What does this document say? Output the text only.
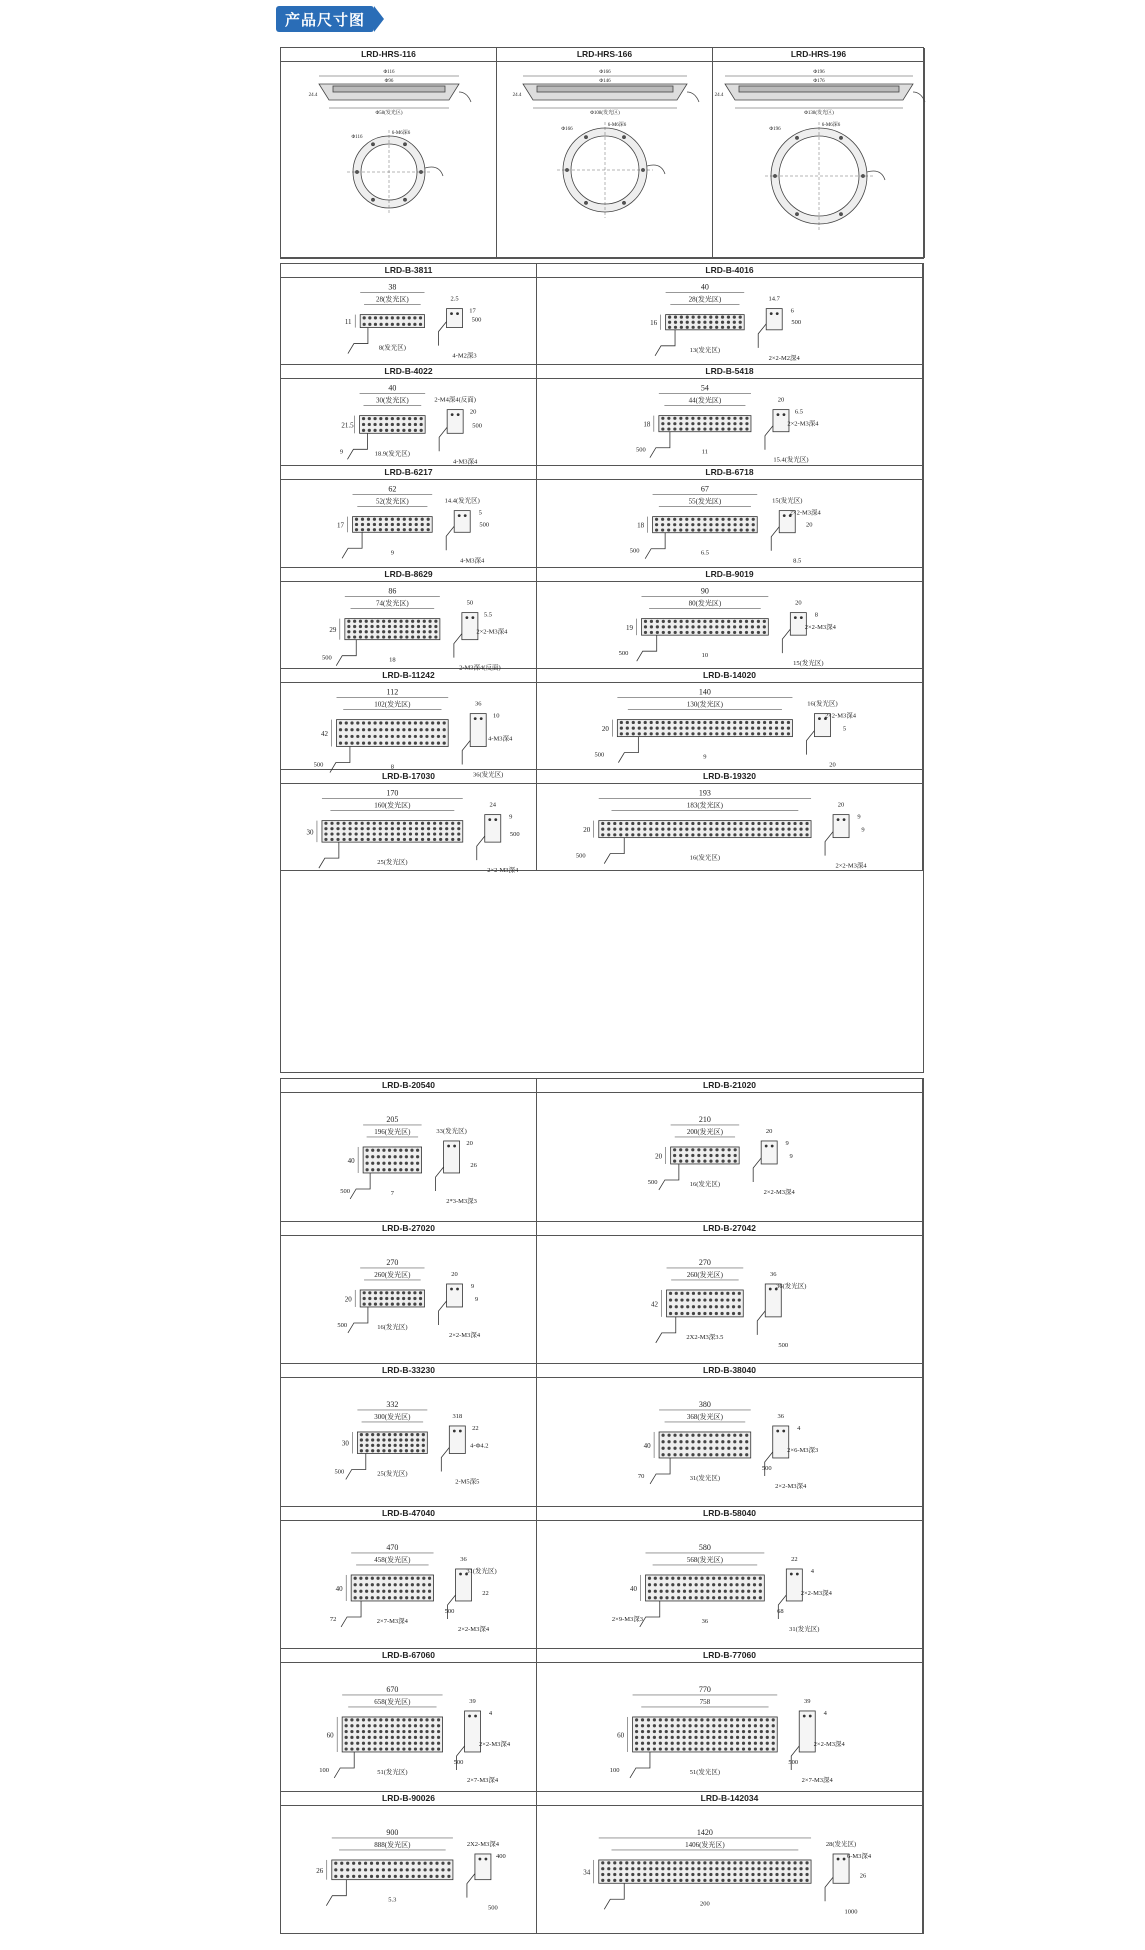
产品尺寸图
LRD-HRS-116
Φ116
Φ96
Φ58(发光区)
24.4
Φ116
6-M6深6
LRD-HRS-166
Φ166
Φ146
Φ108(发光区)
24.4
Φ166
6-M6深6
LRD-HRS-196
Φ196
Φ176
Φ138(发光区)
24.4
Φ196
6-M6深6
LRD-B-3811
38
28(发光区)
11
2.5
17
8(发光区)
4-M2深3
500
LRD-B-4016
40
28(发光区)
16
14.7
6
13(发光区)
2×2-M2深4
500
LRD-B-4022
40
30(发光区)
21.5
2-M4深4(反面)
20
18.9(发光区)
4-M3深4
500
9
LRD-B-5418
54
44(发光区)
18
20
6.5
11
15.4(发光区)
2×2-M3深4
500
LRD-B-6217
62
52(发光区)
17
14.4(发光区)
5
9
4-M3深4
500
LRD-B-6718
67
55(发光区)
18
15(发光区)
2×2-M3深4
6.5
8.5
20
500
LRD-B-8629
86
74(发光区)
29
50
5.5
18
2-M3深4(反面)
2×2-M3深4
500
LRD-B-9019
90
80(发光区)
19
20
8
10
15(发光区)
2×2-M3深4
500
LRD-B-11242
112
102(发光区)
42
36
10
8
36(发光区)
4-M3深4
500
LRD-B-14020
140
130(发光区)
20
16(发光区)
2×2-M3深4
9
20
5
500
LRD-B-17030
170
160(发光区)
30
24
9
25(发光区)
2×2-M3深4
500
LRD-B-19320
193
183(发光区)
20
20
9
16(发光区)
2×2-M3深4
9
500
LRD-B-20540
205
196(发光区)
40
33(发光区)
20
7
2*3-M3深3
26
500
LRD-B-21020
210
200(发光区)
20
20
9
16(发光区)
2×2-M3深4
9
500
LRD-B-27020
270
260(发光区)
20
20
9
16(发光区)
2×2-M3深4
9
500
LRD-B-27042
270
260(发光区)
42
36
36(发光区)
2X2-M3深3.5
500
LRD-B-33230
332
300(发光区)
30
318
22
25(发光区)
2-M5深5
4-Φ4.2
500
LRD-B-38040
380
368(发光区)
40
36
4
31(发光区)
2×2-M3深4
2×6-M3深3
70
500
LRD-B-47040
470
458(发光区)
40
36
31(发光区)
2×7-M3深4
2×2-M3深4
22
72
500
LRD-B-58040
580
568(发光区)
40
22
4
36
31(发光区)
2×2-M3深4
2×9-M3深3
68
LRD-B-67060
670
658(发光区)
60
39
4
51(发光区)
2×7-M3深4
2×2-M3深4
100
500
LRD-B-77060
770
758
60
39
4
51(发光区)
2×7-M3深4
2×2-M3深4
100
500
LRD-B-90026
900
888(发光区)
26
2X2-M3深4
400
5.3
500
LRD-B-142034
1420
1406(发光区)
34
28(发光区)
6-M3深4
200
1000
26
